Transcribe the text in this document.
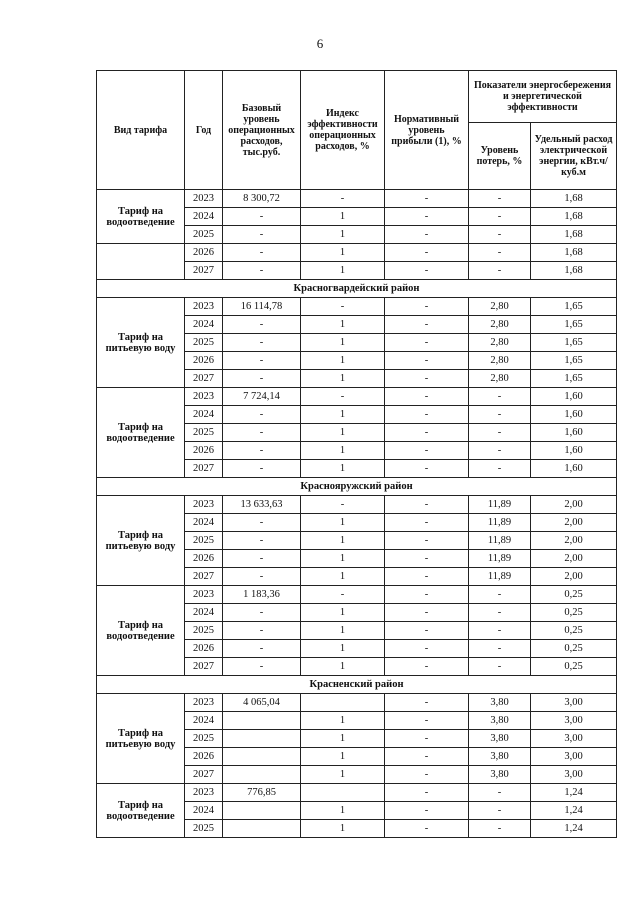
6
Вид тарифа	Год	Базовый уровень операционных расходов, тыс.руб.	Индекс эффективности операционных расходов, %	Нормативный уровень прибыли (1), %	Показатели энергосбережения и энергетической эффективности	
					Уровень потерь, %	Удельный расход электрической энергии, кВт.ч/куб.м
Тариф на водоотведение	2023	8 300,72	-	-	-	1,68
	2024	-	1	-	-	1,68
	2025	-	1	-	-	1,68
	2026	-	1	-	-	1,68
	2027	-	1	-	-	1,68
Красногвардейский район						
Тариф на питьевую воду	2023	16 114,78	-	-	2,80	1,65
	2024	-	1	-	2,80	1,65
	2025	-	1	-	2,80	1,65
	2026	-	1	-	2,80	1,65
	2027	-	1	-	2,80	1,65
Тариф на водоотведение	2023	7 724,14	-	-	-	1,60
	2024	-	1	-	-	1,60
	2025	-	1	-	-	1,60
	2026	-	1	-	-	1,60
	2027	-	1	-	-	1,60
Краснояружский район						
Тариф на питьевую воду	2023	13 633,63	-	-	11,89	2,00
	2024	-	1	-	11,89	2,00
	2025	-	1	-	11,89	2,00
	2026	-	1	-	11,89	2,00
	2027	-	1	-	11,89	2,00
Тариф на водоотведение	2023	1 183,36	-	-	-	0,25
	2024	-	1	-	-	0,25
	2025	-	1	-	-	0,25
	2026	-	1	-	-	0,25
	2027	-	1	-	-	0,25
Красненский район						
Тариф на питьевую воду	2023	4 065,04		-	3,80	3,00
	2024		1	-	3,80	3,00
	2025		1	-	3,80	3,00
	2026		1	-	3,80	3,00
	2027		1	-	3,80	3,00
Тариф на водоотведение	2023	776,85		-	-	1,24
	2024		1	-	-	1,24
	2025		1	-	-	1,24
